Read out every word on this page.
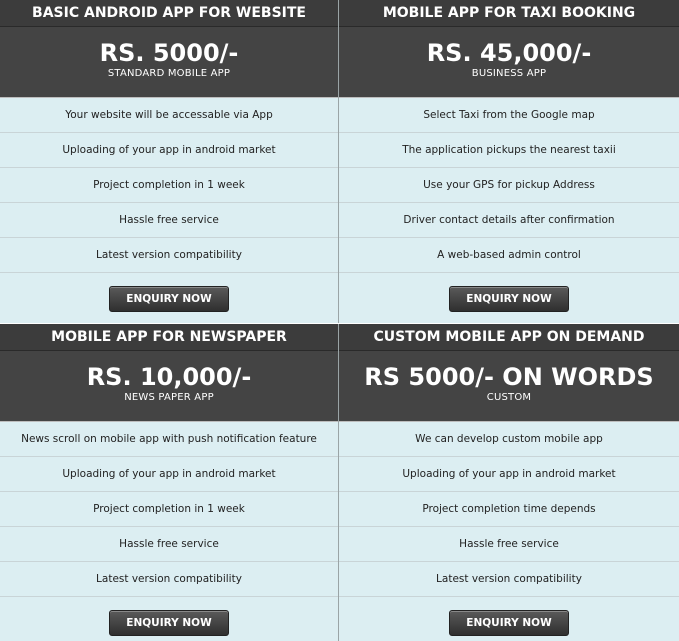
BASIC ANDROID APP FOR WEBSITE
RS. 5000/-
STANDARD MOBILE APP
Your website will be accessable via App
Uploading of your app in android market
Project completion in 1 week
Hassle free service
Latest version compatibility
ENQUIRY NOW
MOBILE APP FOR TAXI BOOKING
RS. 45,000/-
BUSINESS APP
Select Taxi from the Google map
The application pickups the nearest taxii
Use your GPS for pickup Address
Driver contact details after confirmation
A web-based admin control
ENQUIRY NOW
MOBILE APP FOR NEWSPAPER
RS. 10,000/-
NEWS PAPER APP
News scroll on mobile app with push notification feature
Uploading of your app in android market
Project completion in 1 week
Hassle free service
Latest version compatibility
ENQUIRY NOW
CUSTOM MOBILE APP ON DEMAND
RS 5000/- ON WORDS
CUSTOM
We can develop custom mobile app
Uploading of your app in android market
Project completion time depends
Hassle free service
Latest version compatibility
ENQUIRY NOW
